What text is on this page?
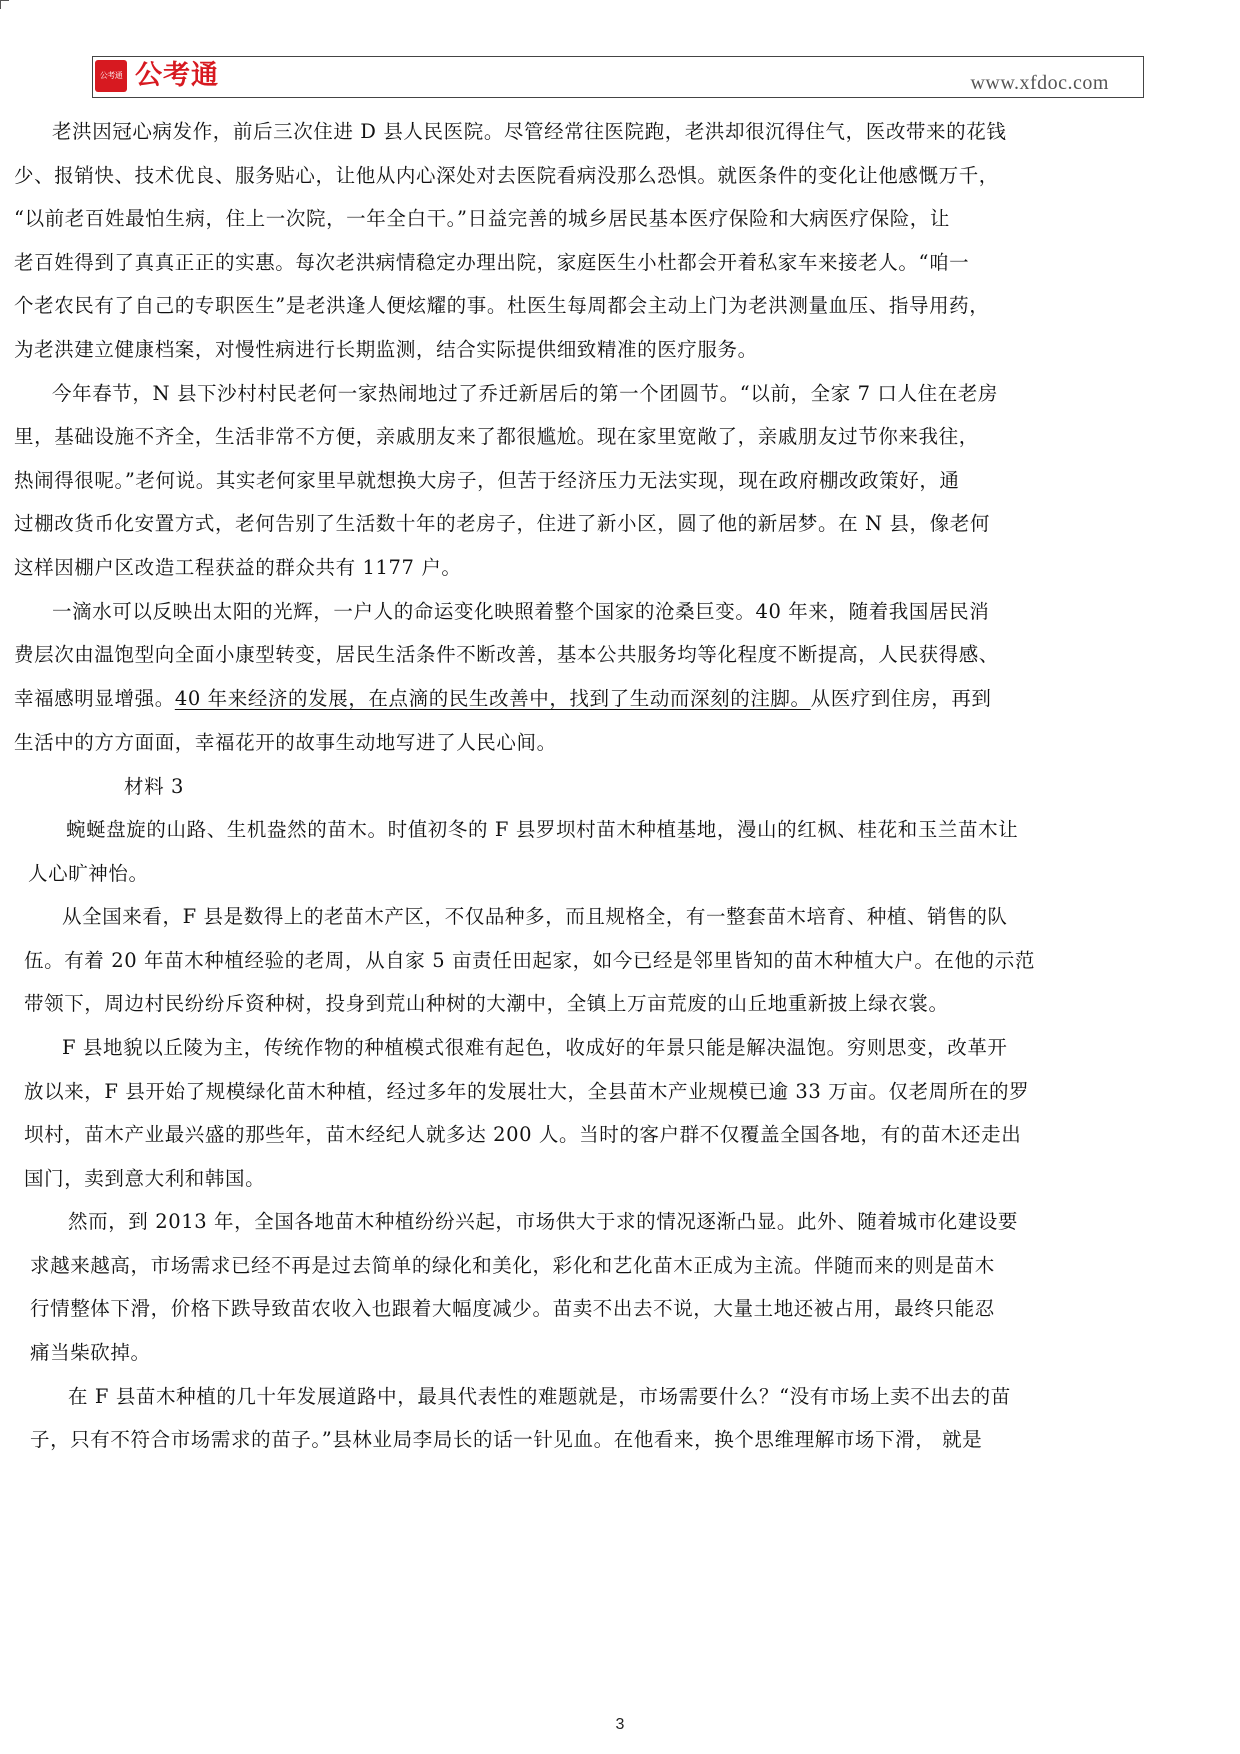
公考通 公考通	www.xfdoc.com
老洪因冠心病发作，前后三次住进 D 县人民医院。尽管经常往医院跑，老洪却很沉得住气，医改带来的花钱
少、报销快、技术优良、服务贴心，让他从内心深处对去医院看病没那么恐惧。就医条件的变化让他感慨万千，
“以前老百姓最怕生病，住上一次院，一年全白干。”日益完善的城乡居民基本医疗保险和大病医疗保险，让
老百姓得到了真真正正的实惠。每次老洪病情稳定办理出院，家庭医生小杜都会开着私家车来接老人。“咱一
个老农民有了自己的专职医生”是老洪逢人便炫耀的事。杜医生每周都会主动上门为老洪测量血压、指导用药，
为老洪建立健康档案，对慢性病进行长期监测，结合实际提供细致精准的医疗服务。
今年春节，N 县下沙村村民老何一家热闹地过了乔迁新居后的第一个团圆节。“以前，全家 7 口人住在老房
里，基础设施不齐全，生活非常不方便，亲戚朋友来了都很尴尬。现在家里宽敞了，亲戚朋友过节你来我往，
热闹得很呢。”老何说。其实老何家里早就想换大房子，但苦于经济压力无法实现，现在政府棚改政策好，通
过棚改货币化安置方式，老何告别了生活数十年的老房子，住进了新小区，圆了他的新居梦。在 N 县，像老何
这样因棚户区改造工程获益的群众共有 1177 户。
一滴水可以反映出太阳的光辉，一户人的命运变化映照着整个国家的沧桑巨变。40 年来，随着我国居民消
费层次由温饱型向全面小康型转变，居民生活条件不断改善，基本公共服务均等化程度不断提高，人民获得感、
幸福感明显增强。40 年来经济的发展，在点滴的民生改善中，找到了生动而深刻的注脚。从医疗到住房，再到
生活中的方方面面，幸福花开的故事生动地写进了人民心间。
材料 3
蜿蜒盘旋的山路、生机盎然的苗木。时值初冬的 F 县罗坝村苗木种植基地，漫山的红枫、桂花和玉兰苗木让
人心旷神怡。
从全国来看，F 县是数得上的老苗木产区，不仅品种多，而且规格全，有一整套苗木培育、种植、销售的队
伍。有着 20 年苗木种植经验的老周，从自家 5 亩责任田起家，如今已经是邻里皆知的苗木种植大户。在他的示范
带领下，周边村民纷纷斥资种树，投身到荒山种树的大潮中，全镇上万亩荒废的山丘地重新披上绿衣裳。
F 县地貌以丘陵为主，传统作物的种植模式很难有起色，收成好的年景只能是解决温饱。穷则思变，改革开
放以来，F 县开始了规模绿化苗木种植，经过多年的发展壮大，全县苗木产业规模已逾 33 万亩。仅老周所在的罗
坝村，苗木产业最兴盛的那些年，苗木经纪人就多达 200 人。当时的客户群不仅覆盖全国各地，有的苗木还走出
国门，卖到意大利和韩国。
然而，到 2013 年，全国各地苗木种植纷纷兴起，市场供大于求的情况逐渐凸显。此外、随着城市化建设要
求越来越高，市场需求已经不再是过去简单的绿化和美化，彩化和艺化苗木正成为主流。伴随而来的则是苗木
行情整体下滑，价格下跌导致苗农收入也跟着大幅度减少。苗卖不出去不说，大量土地还被占用，最终只能忍
痛当柴砍掉。
在 F 县苗木种植的几十年发展道路中，最具代表性的难题就是，市场需要什么？“没有市场上卖不出去的苗
子，只有不符合市场需求的苗子。”县林业局李局长的话一针见血。在他看来，换个思维理解市场下滑， 就是
3
